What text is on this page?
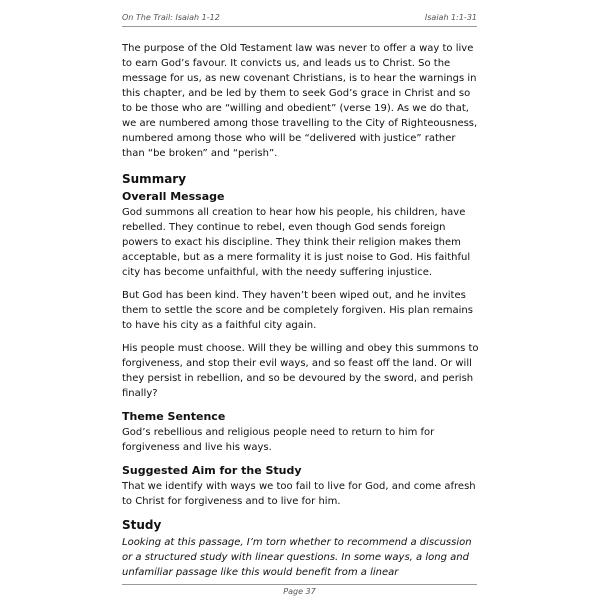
On The Trail: Isaiah 1-12	Isaiah 1:1-31

The purpose of the Old Testament law was never to offer a way to live to earn God’s favour. It convicts us, and leads us to Christ. So the message for us, as new covenant Christians, is to hear the warnings in this chapter, and be led by them to seek God’s grace in Christ and so to be those who are “willing and obedient” (verse 19). As we do that, we are numbered among those travelling to the City of Righteousness, numbered among those who will be “delivered with justice” rather than “be broken” and “perish”.

Summary
Overall Message

God summons all creation to hear how his people, his children, have rebelled. They continue to rebel, even though God sends foreign powers to exact his discipline. They think their religion makes them acceptable, but as a mere formality it is just noise to God. His faithful city has become unfaithful, with the needy suffering injustice.

But God has been kind. They haven’t been wiped out, and he invites them to settle the score and be completely forgiven. His plan remains to have his city as a faithful city again.

His people must choose. Will they be willing and obey this summons to forgiveness, and stop their evil ways, and so feast off the land. Or will they persist in rebellion, and so be devoured by the sword, and perish finally?

Theme Sentence

God’s rebellious and religious people need to return to him for forgiveness and live his ways.

Suggested Aim for the Study

That we identify with ways we too fail to live for God, and come afresh to Christ for forgiveness and to live for him.

Study

Looking at this passage, I’m torn whether to recommend a discussion or a structured study with linear questions. In some ways, a long and unfamiliar passage like this would benefit from a linear

Page 37
